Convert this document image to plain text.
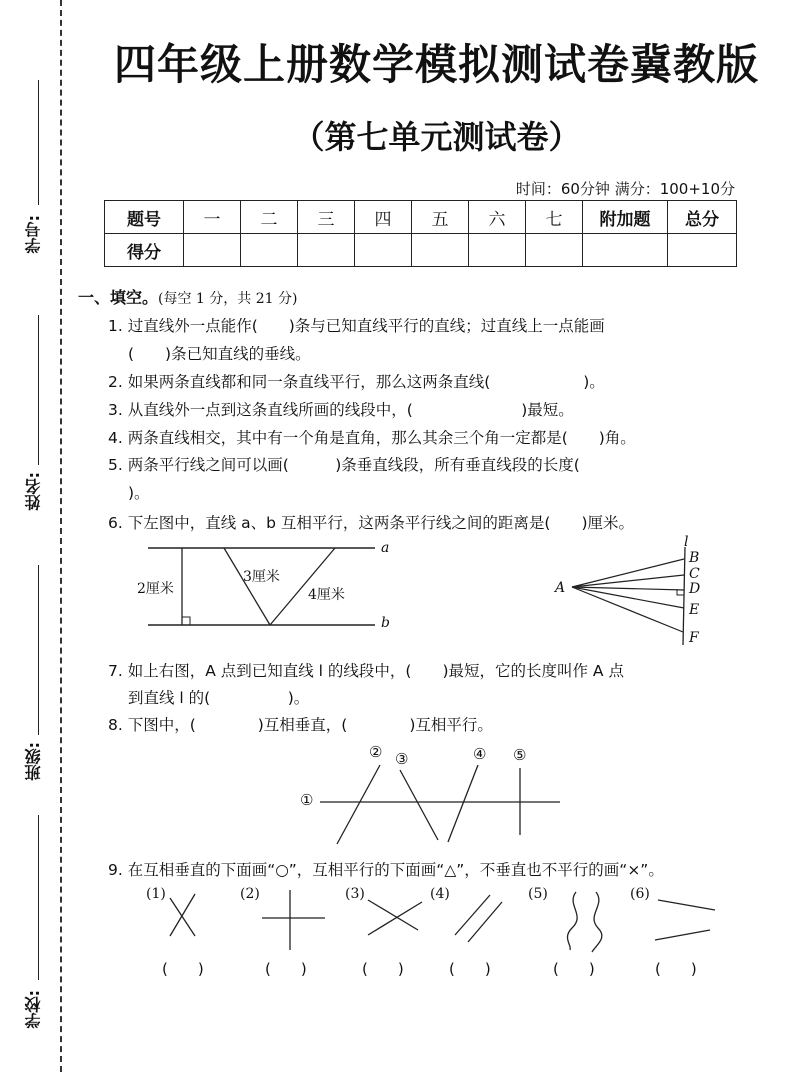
学号:
姓名:
班级:
学校:
四年级上册数学模拟测试卷冀教版
（第七单元测试卷）
时间：60分钟 满分：100+10分
题号	一	二	三	四	五	六	七	附加题	总分
得分									
一、填空。(每空 1 分，共 21 分)
1. 过直线外一点能作(　　)条与已知直线平行的直线；过直线上一点能画
(　　)条已知直线的垂线。
2. 如果两条直线都和同一条直线平行，那么这两条直线(　　　　　　)。
3. 从直线外一点到这条直线所画的线段中，(　　　　　　　)最短。
4. 两条直线相交，其中有一个角是直角，那么其余三个角一定都是(　　)角。
5. 两条平行线之间可以画(　　　)条垂直线段，所有垂直线段的长度(
)。
6. 下左图中，直线 a、b 互相平行，这两条平行线之间的距离是(　　)厘米。
a
b
2厘米
3厘米
4厘米	A
l
B
C
D
E
F
7. 如上右图，A 点到已知直线 l 的线段中，(　　)最短，它的长度叫作 A 点
到直线 l 的(　　　　　)。
8. 下图中，(　　　　)互相垂直，(　　　　)互相平行。
①
② ③	④ ⑤
9. 在互相垂直的下面画“○”，互相平行的下面画“△”，不垂直也不平行的画“×”。
(1)	(2)	(3)	(4)	(5)	(6)
(　　)	(　　)	(　　)	(　　)	(　　)	(　　)
